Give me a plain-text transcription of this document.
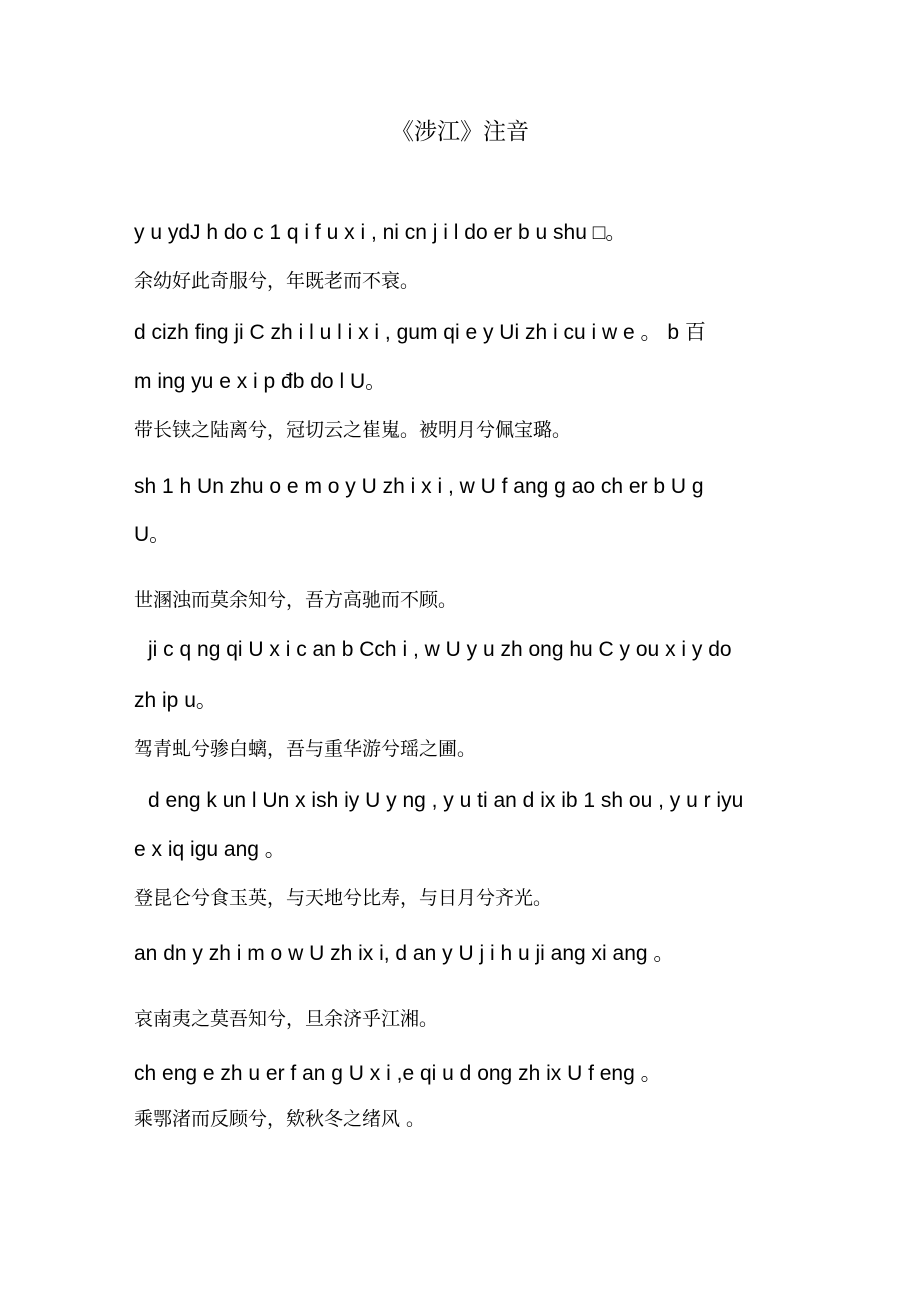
《涉江》注音
y u ydJ h do c 1 q i f u x i , ni cn j i l do er b u shu □。
余幼好此奇服兮，年既老而不衰。
d cizh fing ji C zh i l u l i x i , gum qi e y Ui zh i cu i w e 。 b 百
m ing yu e x i p đb do l U。
带长铗之陆离兮，冠切云之崔嵬。被明月兮佩宝璐。
sh 1 h Un zhu o e m o y U zh i x i , w U f ang g ao ch er b U g
U。
世溷浊而莫余知兮，吾方高驰而不顾。
ji c q ng qi U x i c an b Cch i , w U y u zh ong hu C y ou x i y do
zh ip u。
驾青虬兮骖白螭，吾与重华游兮瑶之圃。
d eng k un l Un x ish iy U y ng , y u ti an d ix ib 1 sh ou , y u r iyu
e x iq igu ang 。
登昆仑兮食玉英，与天地兮比寿，与日月兮齐光。
an dn y zh i m o w U zh ix i, d an y U j i h u ji ang xi ang 。
哀南夷之莫吾知兮，旦余济乎江湘。
ch eng e zh u er f an g U x i ,e qi u d ong zh ix U f eng 。
乘鄂渚而反顾兮，欸秋冬之绪风 。
